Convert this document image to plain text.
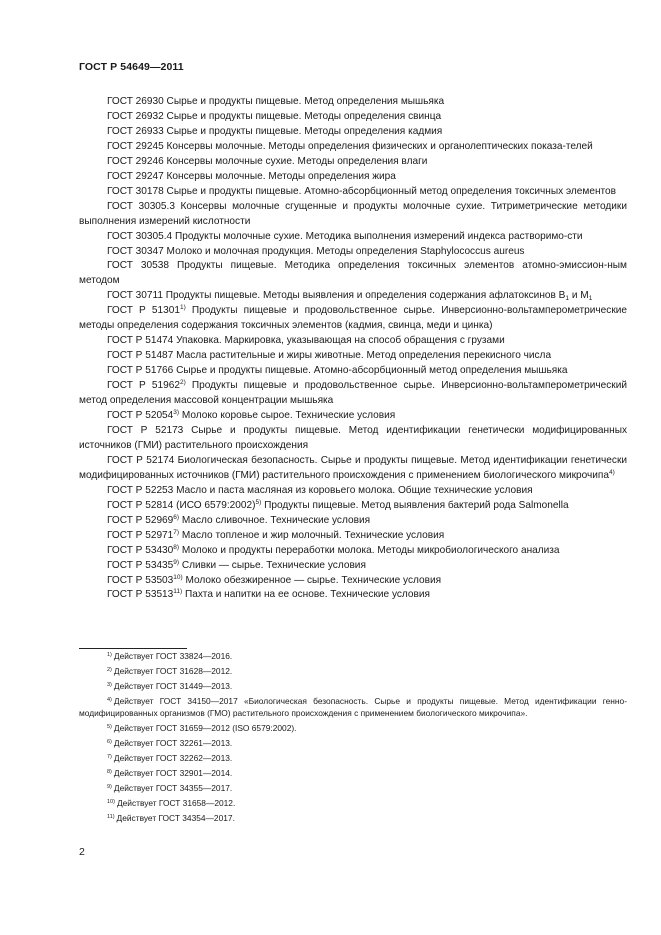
ГОСТ Р 54649—2011

ГОСТ 26930 Сырье и продукты пищевые. Метод определения мышьяка

ГОСТ 26932 Сырье и продукты пищевые. Методы определения свинца

ГОСТ 26933 Сырье и продукты пищевые. Методы определения кадмия

ГОСТ 29245 Консервы молочные. Методы определения физических и органолептических показа-телей

ГОСТ 29246 Консервы молочные сухие. Методы определения влаги

ГОСТ 29247 Консервы молочные. Методы определения жира

ГОСТ 30178 Сырье и продукты пищевые. Атомно-абсорбционный метод определения токсичных элементов

ГОСТ 30305.3 Консервы молочные сгущенные и продукты молочные сухие. Титриметрические методики выполнения измерений кислотности

ГОСТ 30305.4 Продукты молочные сухие. Методика выполнения измерений индекса растворимо-сти

ГОСТ 30347 Молоко и молочная продукция. Методы определения Staphylococcus aureus

ГОСТ 30538 Продукты пищевые. Методика определения токсичных элементов атомно-эмиссион-ным методом

ГОСТ 30711 Продукты пищевые. Методы выявления и определения содержания афлатоксинов $В_1$ и $М_1$

ГОСТ Р 51301$^{1)}$ Продукты пищевые и продовольственное сырье. Инверсионно-вольтамперометрические методы определения содержания токсичных элементов (кадмия, свинца, меди и цинка)

ГОСТ Р 51474 Упаковка. Маркировка, указывающая на способ обращения с грузами

ГОСТ Р 51487 Масла растительные и жиры животные. Метод определения перекисного числа

ГОСТ Р 51766 Сырье и продукты пищевые. Атомно-абсорбционный метод определения мышьяка

ГОСТ Р 51962$^{2)}$ Продукты пищевые и продовольственное сырье. Инверсионно-вольтамперометрический метод определения массовой концентрации мышьяка

ГОСТ Р 52054$^{3)}$ Молоко коровье сырое. Технические условия

ГОСТ Р 52173 Сырье и продукты пищевые. Метод идентификации генетически модифицированных источников (ГМИ) растительного происхождения

ГОСТ Р 52174 Биологическая безопасность. Сырье и продукты пищевые. Метод идентификации генетически модифицированных источников (ГМИ) растительного происхождения с применением биологического микрочипа$^{4)}$

ГОСТ Р 52253 Масло и паста масляная из коровьего молока. Общие технические условия

ГОСТ Р 52814 (ИСО 6579:2002)$^{5)}$ Продукты пищевые. Метод выявления бактерий рода Salmonella

ГОСТ Р 52969$^{6)}$ Масло сливочное. Технические условия

ГОСТ Р 52971$^{7)}$ Масло топленое и жир молочный. Технические условия

ГОСТ Р 53430$^{8)}$ Молоко и продукты переработки молока. Методы микробиологического анализа

ГОСТ Р 53435$^{9)}$ Сливки — сырье. Технические условия

ГОСТ Р 53503$^{10)}$ Молоко обезжиренное — сырье. Технические условия

ГОСТ Р 53513$^{11)}$ Пахта и напитки на ее основе. Технические условия

$^{1)}$ Действует ГОСТ 33824—2016.

$^{2)}$ Действует ГОСТ 31628—2012.

$^{3)}$ Действует ГОСТ 31449—2013.

$^{4)}$ Действует ГОСТ 34150—2017 «Биологическая безопасность. Сырье и продукты пищевые. Метод идентификации генно-модифицированных организмов (ГМО) растительного происхождения с применением биологического микрочипа».

$^{5)}$ Действует ГОСТ 31659—2012 (ISO 6579:2002).

$^{6)}$ Действует ГОСТ 32261—2013.

$^{7)}$ Действует ГОСТ 32262—2013.

$^{8)}$ Действует ГОСТ 32901—2014.

$^{9)}$ Действует ГОСТ 34355—2017.

$^{10)}$ Действует ГОСТ 31658—2012.

$^{11)}$ Действует ГОСТ 34354—2017.

2
